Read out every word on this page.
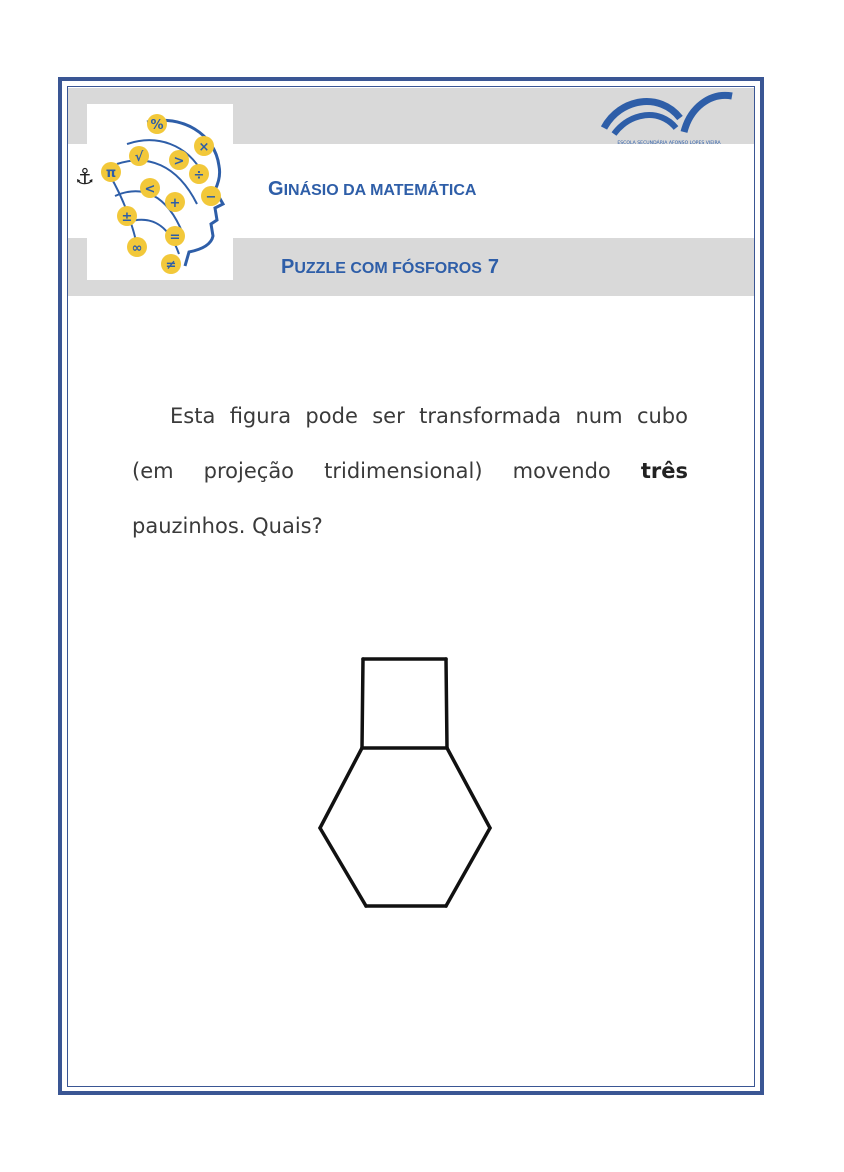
⚓
%
×
√ >
π
<
÷
−
±
+
=
∞
≠
GINÁSIO DA MATEMÁTICA
PUZZLE COM FÓSFOROS 7
ESCOLA SECUNDÁRIA AFONSO LOPES VIEIRA

Esta figura pode ser transformada num cubo (em projeção tridimensional) movendo três pauzinhos. Quais?
